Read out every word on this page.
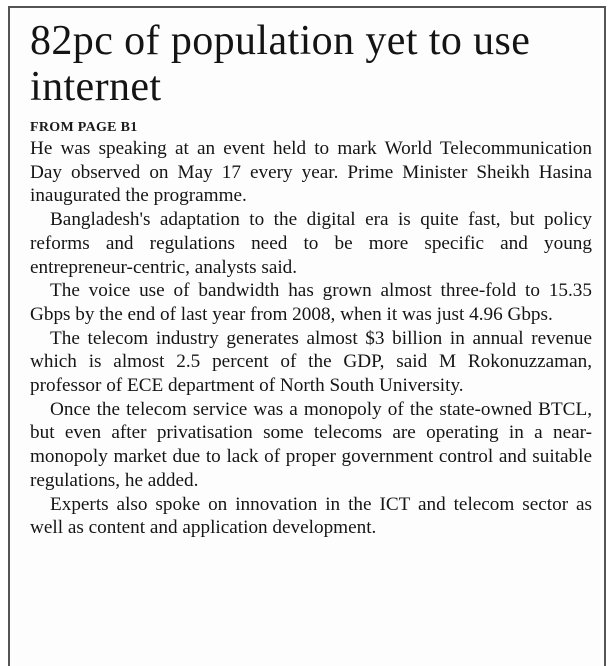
82pc of population yet to use internet
FROM PAGE B1

He was speaking at an event held to mark World Telecommunication Day observed on May 17 every year. Prime Minister Sheikh Hasina inaugurated the programme.

Bangladesh's adaptation to the digital era is quite fast, but policy reforms and regulations need to be more specific and young entrepreneur-centric, analysts said.

The voice use of bandwidth has grown almost three-fold to 15.35 Gbps by the end of last year from 2008, when it was just 4.96 Gbps.

The telecom industry generates almost $3 billion in annual revenue which is almost 2.5 percent of the GDP, said M Rokonuzzaman, professor of ECE department of North South University.

Once the telecom service was a monopoly of the state-owned BTCL, but even after privatisation some telecoms are operating in a near-monopoly market due to lack of proper government control and suitable regulations, he added.

Experts also spoke on innovation in the ICT and telecom sector as well as content and application development.
